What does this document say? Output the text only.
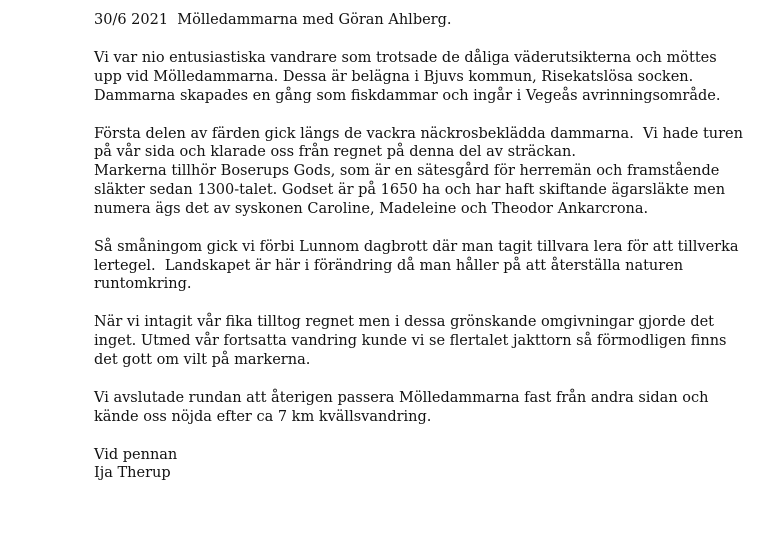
30/6 2021  Mölledammarna med Göran Ahlberg.
Vi var nio entusiastiska vandrare som trotsade de dåliga väderutsikterna och möttes
upp vid Mölledammarna. Dessa är belägna i Bjuvs kommun, Risekatslösa socken.
Dammarna skapades en gång som fiskdammar och ingår i Vegeås avrinningsområde.
Första delen av färden gick längs de vackra näckrosbeklädda dammarna.  Vi hade turen
på vår sida och klarade oss från regnet på denna del av sträckan.
Markerna tillhör Boserups Gods, som är en sätesgård för herremän och framstående
släkter sedan 1300-talet. Godset är på 1650 ha och har haft skiftande ägarsläkte men
numera ägs det av syskonen Caroline, Madeleine och Theodor Ankarcrona.
Så småningom gick vi förbi Lunnom dagbrott där man tagit tillvara lera för att tillverka
lertegel.  Landskapet är här i förändring då man håller på att återställa naturen
runtomkring.
När vi intagit vår fika tilltog regnet men i dessa grönskande omgivningar gjorde det
inget. Utmed vår fortsatta vandring kunde vi se flertalet jakttorn så förmodligen finns
det gott om vilt på markerna.
Vi avslutade rundan att återigen passera Mölledammarna fast från andra sidan och
kände oss nöjda efter ca 7 km kvällsvandring.
Vid pennan
Ija Therup
